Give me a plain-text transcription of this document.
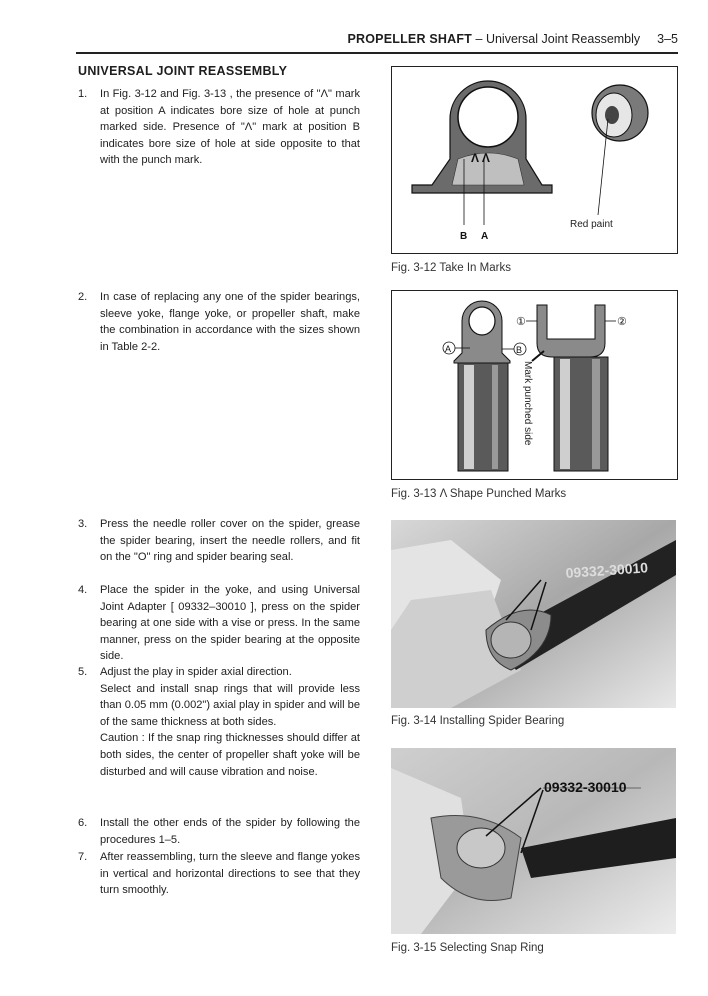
PROPELLER SHAFT – Universal Joint Reassembly 3–5
UNIVERSAL JOINT REASSEMBLY
1. In Fig. 3-12 and Fig. 3-13 , the presence of "Λ" mark at position A indicates bore size of hole at punch marked side. Presence of "Λ" mark at position B indicates bore size of hole at side opposite to that with the punch mark.
2. In case of replacing any one of the spider bearings, sleeve yoke, flange yoke, or propeller shaft, make the combination in accordance with the sizes shown in Table 2-2.
3. Press the needle roller cover on the spider, grease the spider bearing, insert the needle rollers, and fit on the "O" ring and spider bearing seal.
4. Place the spider in the yoke, and using Universal Joint Adapter [ 09332–30010 ], press on the spider bearing at one side with a vise or press. In the same manner, press on the spider bearing at the opposite side.
5. Adjust the play in spider axial direction.

Select and install snap rings that will provide less than 0.05 mm (0.002") axial play in spider and will be of the same thickness at both sides.

Caution : If the snap ring thicknesses should differ at both sides, the center of propeller shaft yoke will be disturbed and will cause vibration and noise.

6. Install the other ends of the spider by following the procedures 1–5.
7. After reassembling, turn the sleeve and flange yokes in vertical and horizontal directions to see that they turn smoothly.
Λ Λ
B A
Red paint
Fig. 3-12 Take In Marks
A	B
①	②
Mark punched side
Fig. 3-13 Λ Shape Punched Marks
09332-30010
Fig. 3-14 Installing Spider Bearing
09332-30010
Fig. 3-15 Selecting Snap Ring
